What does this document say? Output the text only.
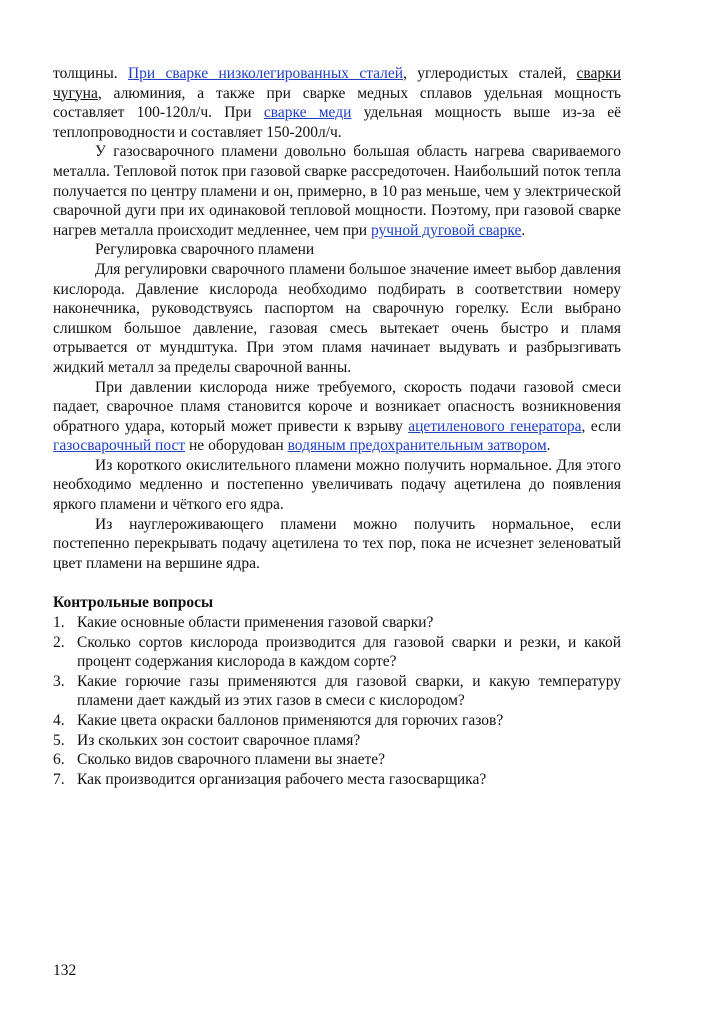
толщины. При сварке низколегированных сталей, углеродистых сталей, сварки чугуна, алюминия, а также при сварке медных сплавов удельная мощность составляет 100-120л/ч. При сварке меди удельная мощность выше из-за её теплопроводности и составляет 150-200л/ч.

У газосварочного пламени довольно большая область нагрева свариваемого металла. Тепловой поток при газовой сварке рассредоточен. Наибольший поток тепла получается по центру пламени и он, примерно, в 10 раз меньше, чем у электрической сварочной дуги при их одинаковой тепловой мощности. Поэтому, при газовой сварке нагрев металла происходит медленнее, чем при ручной дуговой сварке.

Регулировка сварочного пламени

Для регулировки сварочного пламени большое значение имеет выбор давления кислорода. Давление кислорода необходимо подбирать в соответствии номеру наконечника, руководствуясь паспортом на сварочную горелку. Если выбрано слишком большое давление, газовая смесь вытекает очень быстро и пламя отрывается от мундштука. При этом пламя начинает выдувать и разбрызгивать жидкий металл за пределы сварочной ванны.

При давлении кислорода ниже требуемого, скорость подачи газовой смеси падает, сварочное пламя становится короче и возникает опасность возникновения обратного удара, который может привести к взрыву ацетиленового генератора, если газосварочный пост не оборудован водяным предохранительным затвором.

Из короткого окислительного пламени можно получить нормальное. Для этого необходимо медленно и постепенно увеличивать подачу ацетилена до появления яркого пламени и чёткого его ядра.

Из науглероживающего пламени можно получить нормальное, если постепенно перекрывать подачу ацетилена то тех пор, пока не исчезнет зеленоватый цвет пламени на вершине ядра.

Контрольные вопросы

1. Какие основные области применения газовой сварки?

2. Сколько сортов кислорода производится для газовой сварки и резки, и какой процент содержания кислорода в каждом сорте?

3. Какие горючие газы применяются для газовой сварки, и какую температуру пламени дает каждый из этих газов в смеси с кислородом?

4. Какие цвета окраски баллонов применяются для горючих газов?

5. Из скольких зон состоит сварочное пламя?

6. Сколько видов сварочного пламени вы знаете?

7. Как производится организация рабочего места газосварщика?

132
